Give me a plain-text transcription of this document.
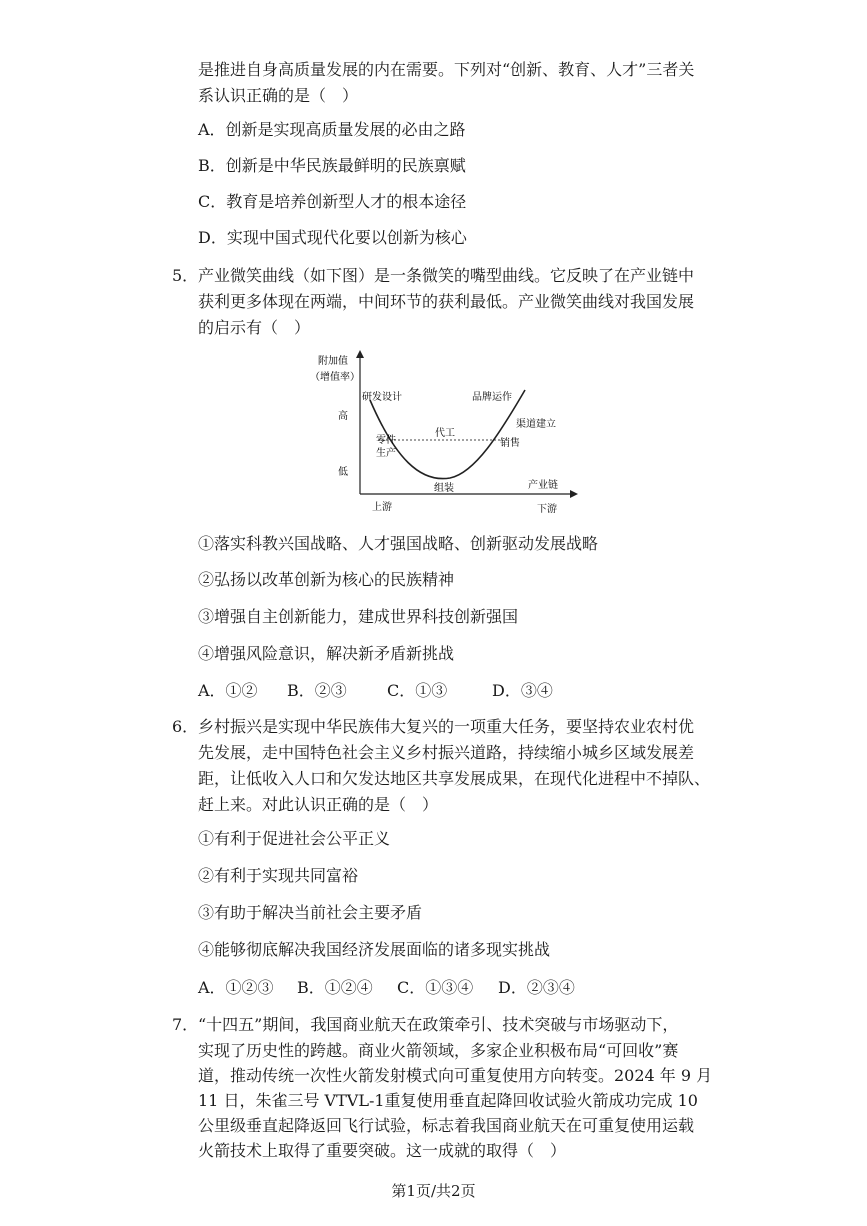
是推进自身高质量发展的内在需要。下列对“创新、教育、人才”三者关
系认识正确的是（　）
A．创新是实现高质量发展的必由之路
B．创新是中华民族最鲜明的民族禀赋
C．教育是培养创新型人才的根本途径
D．实现中国式现代化要以创新为核心
5． 产业微笑曲线（如下图）是一条微笑的嘴型曲线。它反映了在产业链中
获利更多体现在两端，中间环节的获利最低。产业微笑曲线对我国发展
的启示有（　）
附加值
（增值率）
高
低
研发设计	品牌运作
代工
渠道建立
零件
生产
销售
组装	产业链
上游	下游
①落实科教兴国战略、人才强国战略、创新驱动发展战略
②弘扬以改革创新为核心的民族精神
③增强自主创新能力，建成世界科技创新强国
④增强风险意识，解决新矛盾新挑战
A．①② B．②③	C．①③	D．③④
6． 乡村振兴是实现中华民族伟大复兴的一项重大任务，要坚持农业农村优
先发展，走中国特色社会主义乡村振兴道路，持续缩小城乡区域发展差
距，让低收入人口和欠发达地区共享发展成果，在现代化进程中不掉队、
赶上来。对此认识正确的是（　）
①有利于促进社会公平正义
②有利于实现共同富裕
③有助于解决当前社会主要矛盾
④能够彻底解决我国经济发展面临的诸多现实挑战
A．①②③ B．①②④ C．①③④ D．②③④
7． “十四五”期间，我国商业航天在政策牵引、技术突破与市场驱动下，
实现了历史性的跨越。商业火箭领域，多家企业积极布局“可回收”赛
道，推动传统一次性火箭发射模式向可重复使用方向转变。2024 年 9 月
11 日，朱雀三号 VTVL-1重复使用垂直起降回收试验火箭成功完成 10
公里级垂直起降返回飞行试验，标志着我国商业航天在可重复使用运载
火箭技术上取得了重要突破。这一成就的取得（　）
第1页/共2页
